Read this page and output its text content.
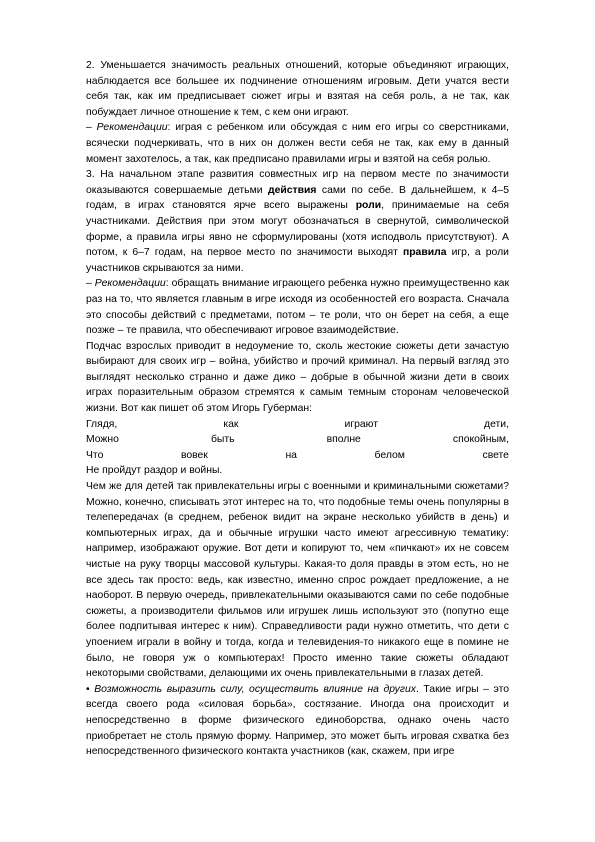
2. Уменьшается значимость реальных отношений, которые объединяют играющих, наблюдается все большее их подчинение отношениям игровым. Дети учатся вести себя так, как им предписывает сюжет игры и взятая на себя роль, а не так, как побуждает личное отношение к тем, с кем они играют.

– Рекомендации: играя с ребенком или обсуждая с ним его игры со сверстниками, всячески подчеркивать, что в них он должен вести себя не так, как ему в данный момент захотелось, а так, как предписано правилами игры и взятой на себя ролью.

3. На начальном этапе развития совместных игр на первом месте по значимости оказываются совершаемые детьми действия сами по себе. В дальнейшем, к 4–5 годам, в играх становятся ярче всего выражены роли, принимаемые на себя участниками. Действия при этом могут обозначаться в свернутой, символической форме, а правила игры явно не сформулированы (хотя исподволь присутствуют). А потом, к 6–7 годам, на первое место по значимости выходят правила игр, а роли участников скрываются за ними.

– Рекомендации: обращать внимание играющего ребенка нужно преимущественно как раз на то, что является главным в игре исходя из особенностей его возраста. Сначала это способы действий с предметами, потом – те роли, что он берет на себя, а еще позже – те правила, что обеспечивают игровое взаимодействие.

Подчас взрослых приводит в недоумение то, сколь жестокие сюжеты дети зачастую выбирают для своих игр – война, убийство и прочий криминал. На первый взгляд это выглядят несколько странно и даже дико – добрые в обычной жизни дети в своих играх поразительным образом стремятся к самым темным сторонам человеческой жизни. Вот как пишет об этом Игорь Губерман:

Глядя,	как	играют	дети,
Можно	быть	вполне	спокойным,
Что	вовек	на	белом	свете

Не пройдут раздор и войны.

Чем же для детей так привлекательны игры с военными и криминальными сюжетами? Можно, конечно, списывать этот интерес на то, что подобные темы очень популярны в телепередачах (в среднем, ребенок видит на экране несколько убийств в день) и компьютерных играх, да и обычные игрушки часто имеют агрессивную тематику: например, изображают оружие. Вот дети и копируют то, чем «пичкают» их не совсем чистые на руку творцы массовой культуры. Какая-то доля правды в этом есть, но не все здесь так просто: ведь, как известно, именно спрос рождает предложение, а не наоборот. В первую очередь, привлекательными оказываются сами по себе подобные сюжеты, а производители фильмов или игрушек лишь используют это (попутно еще более подпитывая интерес к ним). Справедливости ради нужно отметить, что дети с упоением играли в войну и тогда, когда и телевидения-то никакого еще в помине не было, не говоря уж о компьютерах! Просто именно такие сюжеты обладают некоторыми свойствами, делающими их очень привлекательными в глазах детей.

• Возможность выразить силу, осуществить влияние на других. Такие игры – это всегда своего рода «силовая борьба», состязание. Иногда она происходит и непосредственно в форме физического единоборства, однако очень часто приобретает не столь прямую форму. Например, это может быть игровая схватка без непосредственного физического контакта участников (как, скажем, при игре
